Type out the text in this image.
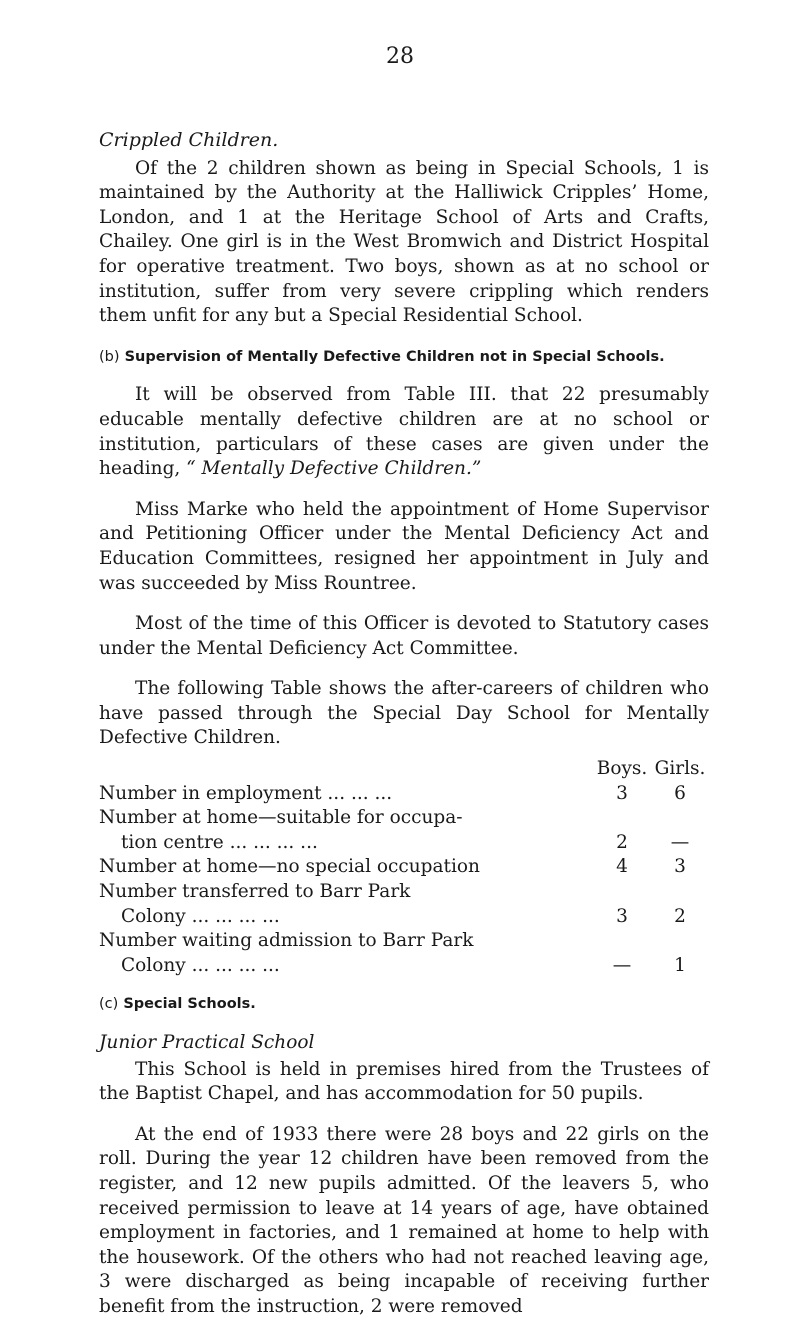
28
Crippled Children.

Of the 2 children shown as being in Special Schools, 1 is maintained by the Authority at the Halliwick Cripples’ Home, London, and 1 at the Heritage School of Arts and Crafts, Chailey. One girl is in the West Bromwich and District Hospital for operative treatment. Two boys, shown as at no school or institution, suffer from very severe crippling which renders them unfit for any but a Special Residential School.

(b) Supervision of Mentally Defective Children not in Special Schools.

It will be observed from Table III. that 22 presumably educable mentally defective children are at no school or institution, particulars of these cases are given under the heading, “ Mentally Defective Children.”

Miss Marke who held the appointment of Home Supervisor and Petitioning Officer under the Mental Deficiency Act and Education Committees, resigned her appointment in July and was succeeded by Miss Rountree.

Most of the time of this Officer is devoted to Statutory cases under the Mental Deficiency Act Committee.

The following Table shows the after-careers of children who have passed through the Special Day School for Mentally Defective Children.

	Boys.	Girls.
Number in employment ... ... ...	3	6
Number at home—suitable for occupa-
tion centre ... ... ... ...	2	—
Number at home—no special occupation	4	3
Number transferred to Barr Park
Colony ... ... ... ...	3	2
Number waiting admission to Barr Park
Colony ... ... ... ...	—	1
(c) Special Schools.
Junior Practical School

This School is held in premises hired from the Trustees of the Baptist Chapel, and has accommodation for 50 pupils.

At the end of 1933 there were 28 boys and 22 girls on the roll. During the year 12 children have been removed from the register, and 12 new pupils admitted. Of the leavers 5, who received permission to leave at 14 years of age, have obtained employment in factories, and 1 remained at home to help with the housework. Of the others who had not reached leaving age, 3 were discharged as being incapable of receiving further benefit from the instruction, 2 were removed
